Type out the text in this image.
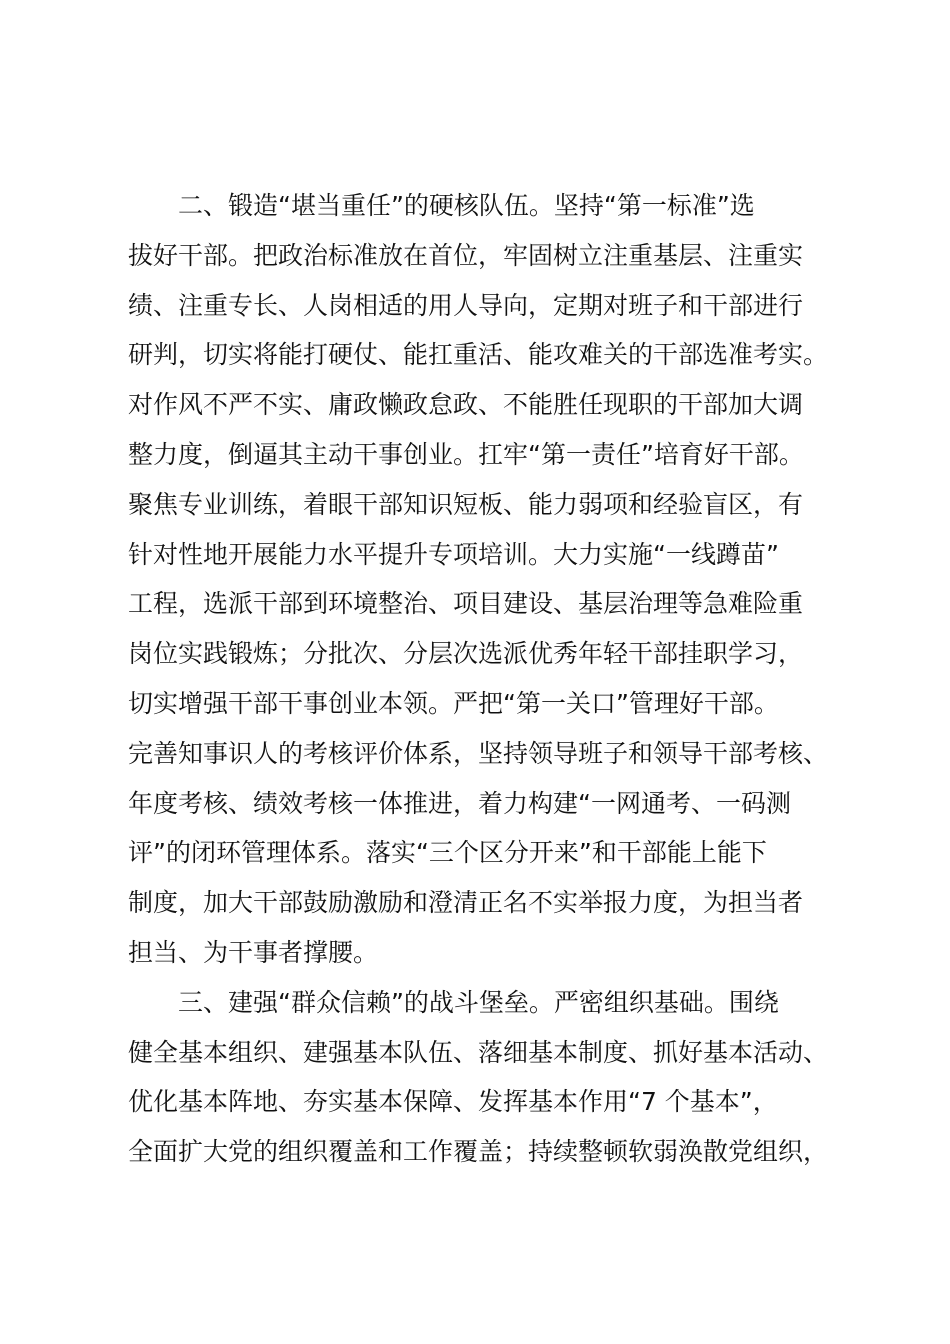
二、锻造“堪当重任”的硬核队伍。坚持“第一标准”选
拔好干部。把政治标准放在首位，牢固树立注重基层、注重实
绩、注重专长、人岗相适的用人导向，定期对班子和干部进行
研判，切实将能打硬仗、能扛重活、能攻难关的干部选准考实。
对作风不严不实、庸政懒政怠政、不能胜任现职的干部加大调
整力度，倒逼其主动干事创业。扛牢“第一责任”培育好干部。
聚焦专业训练，着眼干部知识短板、能力弱项和经验盲区，有
针对性地开展能力水平提升专项培训。大力实施“一线蹲苗”
工程，选派干部到环境整治、项目建设、基层治理等急难险重
岗位实践锻炼；分批次、分层次选派优秀年轻干部挂职学习，
切实增强干部干事创业本领。严把“第一关口”管理好干部。
完善知事识人的考核评价体系，坚持领导班子和领导干部考核、
年度考核、绩效考核一体推进，着力构建“一网通考、一码测
评”的闭环管理体系。落实“三个区分开来”和干部能上能下
制度，加大干部鼓励激励和澄清正名不实举报力度，为担当者
担当、为干事者撑腰。

三、建强“群众信赖”的战斗堡垒。严密组织基础。围绕
健全基本组织、建强基本队伍、落细基本制度、抓好基本活动、
优化基本阵地、夯实基本保障、发挥基本作用“7 个基本”，
全面扩大党的组织覆盖和工作覆盖；持续整顿软弱涣散党组织，
